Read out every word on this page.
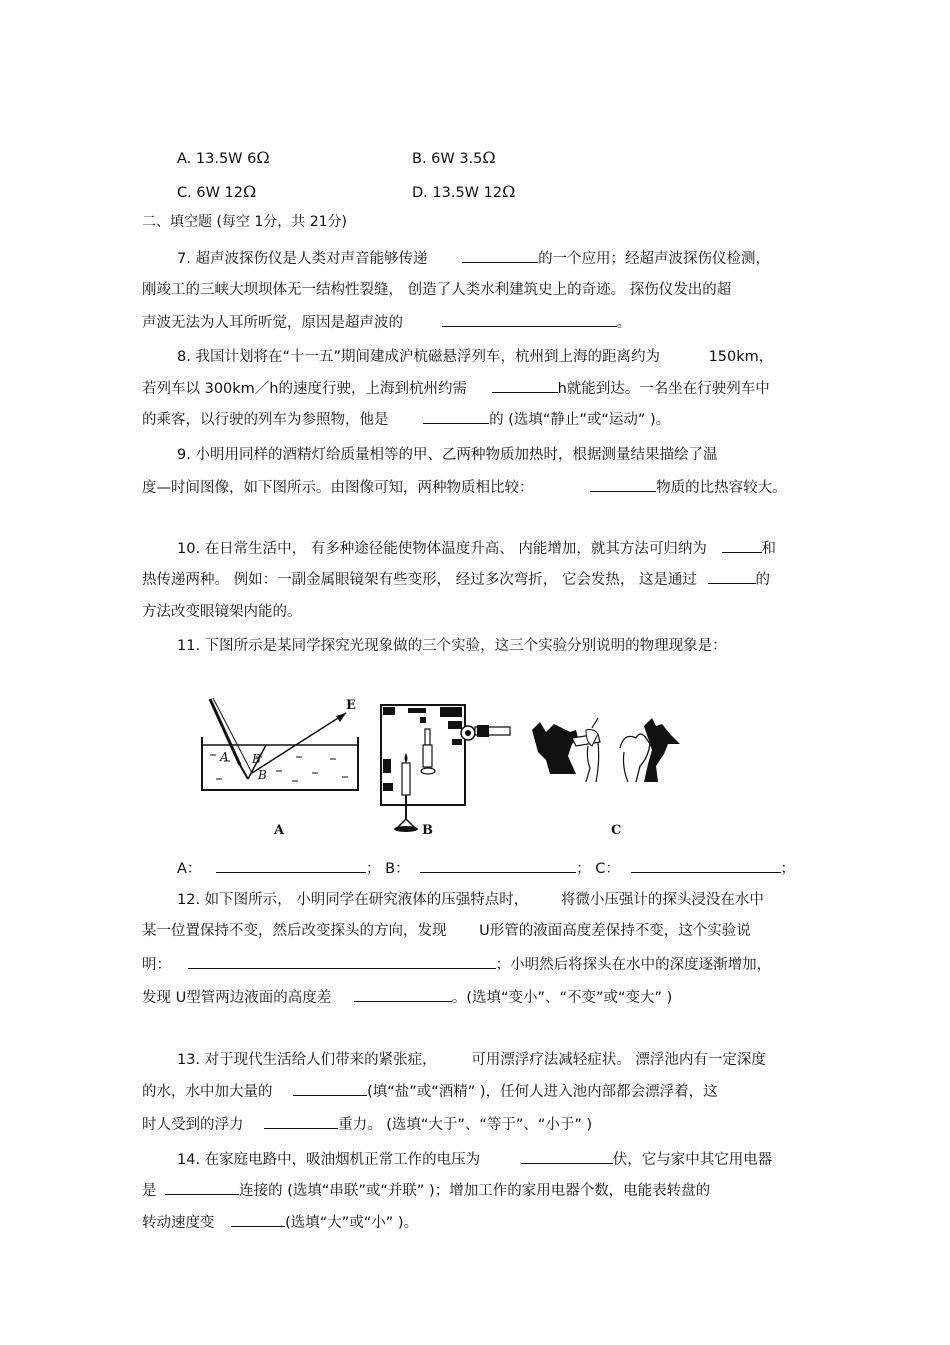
A. 13.5W 6Ω	B. 6W 3.5Ω
C. 6W 12Ω	D. 13.5W 12Ω
二、填空题 (每空 1分，共 21分)
7. 超声波探伤仪是人类对声音能够传递	的一个应用；经超声波探伤仪检测，
刚竣工的三峡大坝坝体无一结构性裂缝， 创造了人类水利建筑史上的奇迹。 探伤仪发出的超
声波无法为人耳所听觉，原因是超声波的	。
8. 我国计划将在“十一五”期间建成沪杭磁悬浮列车，杭州到上海的距离约为	150km，
若列车以 300km／h的速度行驶，上海到杭州约需	h就能到达。一名坐在行驶列车中
的乘客，以行驶的列车为参照物，他是	的 (选填“静止”或“运动” )。
9. 小明用同样的酒精灯给质量相等的甲、乙两种物质加热时，根据测量结果描绘了温
度—时间图像，如下图所示。由图像可知，两种物质相比较：	物质的比热容较大。
10. 在日常生活中， 有多种途径能使物体温度升高、 内能增加，就其方法可归纳为	和
热传递两种。 例如：一副金属眼镜架有些变形， 经过多次弯折， 它会发热， 这是通过	的
方法改变眼镜架内能的。
11. 下图所示是某同学探究光现象做的三个实验，这三个实验分别说明的物理现象是：
A B
B
E
A	B	C
A：	； B：	； C：	；
12. 如下图所示， 小明同学在研究液体的压强特点时， 将微小压强计的探头浸没在水中
某一位置保持不变，然后改变探头的方向，发现 U形管的液面高度差保持不变，这个实验说
明：	；小明然后将探头在水中的深度逐渐增加，
发现 U型管两边液面的高度差	。(选填“变小”、“不变”或“变大” )
13. 对于现代生活给人们带来的紧张症， 可用漂浮疗法减轻症状。 漂浮池内有一定深度
的水，水中加大量的	(填“盐”或“酒精” )，任何人进入池内部都会漂浮着，这
时人受到的浮力	重力。 (选填“大于”、“等于”、“小于” )
14. 在家庭电路中，吸油烟机正常工作的电压为	伏，它与家中其它用电器
是	连接的 (选填“串联”或“并联” )；增加工作的家用电器个数，电能表转盘的
转动速度变	(选填“大”或“小” )。
